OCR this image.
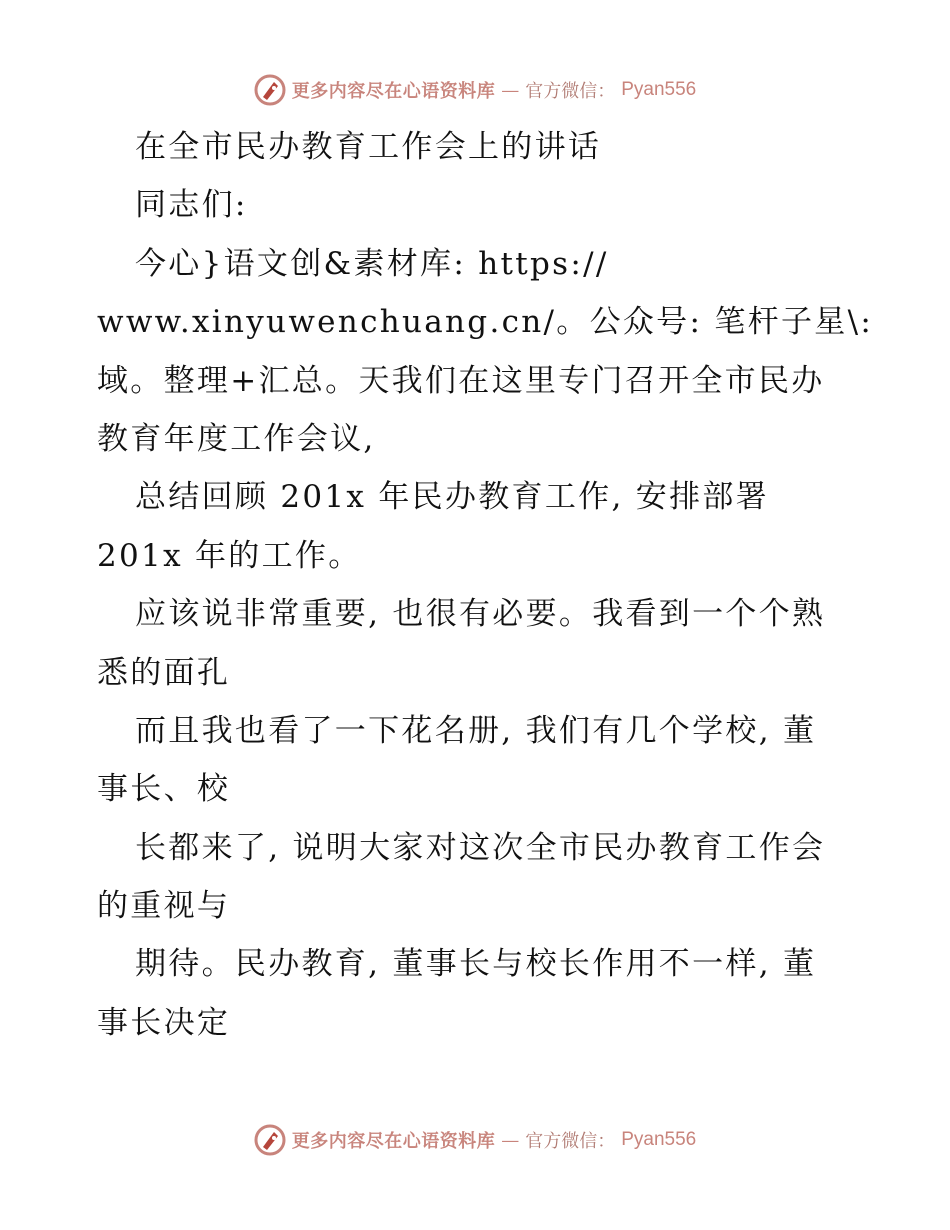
更多内容尽在心语资料库 — 官方微信： Pyan556
在全市民办教育工作会上的讲话
同志们:
今心}语文创&素材库: https://
www.xinyuwenchuang.cn/。公众号: 笔杆子星\:
域。整理+汇总。天我们在这里专门召开全市民办
教育年度工作会议,
总结回顾 201x 年民办教育工作, 安排部署
201x 年的工作。
应该说非常重要, 也很有必要。我看到一个个熟
悉的面孔
而且我也看了一下花名册, 我们有几个学校, 董
事长、校
长都来了, 说明大家对这次全市民办教育工作会
的重视与
期待。民办教育, 董事长与校长作用不一样, 董
事长决定
更多内容尽在心语资料库 — 官方微信： Pyan556
